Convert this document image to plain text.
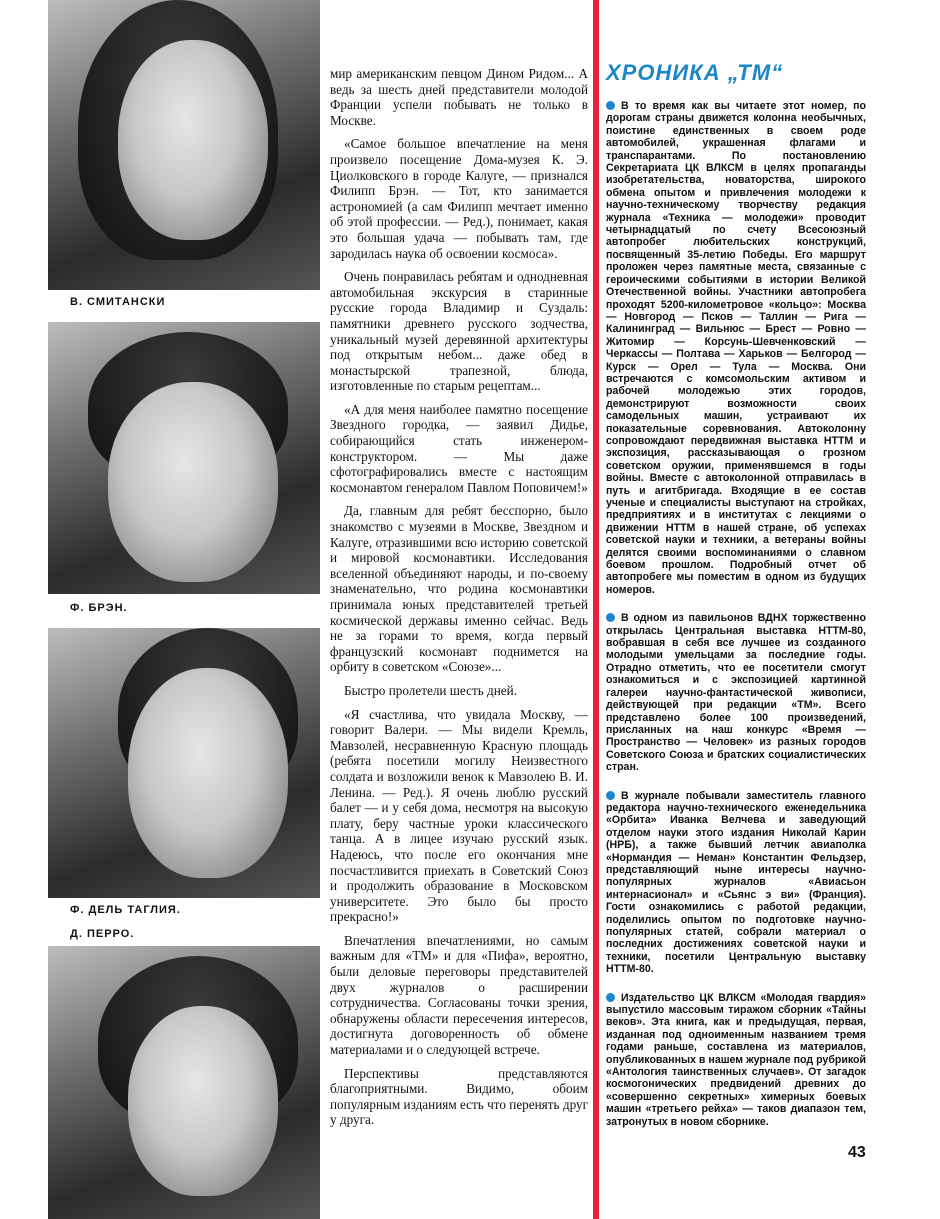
В. СМИТАНСКИ
Ф. БРЭН.
Ф. ДЕЛЬ ТАГЛИЯ.
Д. ПЕРРО.

мир американским певцом Дином Ридом... А ведь за шесть дней представители молодой Франции успели побывать не только в Москве.

«Самое большое впечатление на меня произвело посещение Дома-музея К. Э. Циолковского в городе Калуге, — признался Филипп Брэн. — Тот, кто занимается астрономией (а сам Филипп мечтает именно об этой профессии. — Ред.), понимает, какая это большая удача — побывать там, где зародилась наука об освоении космоса».

Очень понравилась ребятам и однодневная автомобильная экскурсия в старинные русские города Владимир и Суздаль: памятники древнего русского зодчества, уникальный музей деревянной архитектуры под открытым небом... даже обед в монастырской трапезной, блюда, изготовленные по старым рецептам...

«А для меня наиболее памятно посещение Звездного городка, — заявил Дидье, собирающийся стать инженером-конструктором. — Мы даже сфотографировались вместе с настоящим космонавтом генералом Павлом Поповичем!»

Да, главным для ребят бесспорно, было знакомство с музеями в Москве, Звездном и Калуге, отразившими всю историю советской и мировой космонавтики. Исследования вселенной объединяют народы, и по-своему знаменательно, что родина космонавтики принимала юных представителей третьей космической державы именно сейчас. Ведь не за горами то время, когда первый французский космонавт поднимется на орбиту в советском «Союзе»...

Быстро пролетели шесть дней.

«Я счастлива, что увидала Москву, — говорит Валери. — Мы видели Кремль, Мавзолей, несравненную Красную площадь (ребята посетили могилу Неизвестного солдата и возложили венок к Мавзолею В. И. Ленина. — Ред.). Я очень люблю русский балет — и у себя дома, несмотря на высокую плату, беру частные уроки классического танца. А в лицее изучаю русский язык. Надеюсь, что после его окончания мне посчастливится приехать в Советский Союз и продолжить образование в Московском университете. Это было бы просто прекрасно!»

Впечатления впечатлениями, но самым важным для «ТМ» и для «Пифа», вероятно, были деловые переговоры представителей двух журналов о расширении сотрудничества. Согласованы точки зрения, обнаружены области пересечения интересов, достигнута договоренность об обмене материалами и о следующей встрече.

Перспективы представляются благоприятными. Видимо, обоим популярным изданиям есть что перенять друг у друга.

ХРОНИКА „ТМ“

В то время как вы читаете этот номер, по дорогам страны движется колонна необычных, поистине единственных в своем роде автомобилей, украшенная флагами и транспарантами. По постановлению Секретариата ЦК ВЛКСМ в целях пропаганды изобретательства, новаторства, широкого обмена опытом и привлечения молодежи к научно-техническому творчеству редакция журнала «Техника — молодежи» проводит четырнадцатый по счету Всесоюзный автопробег любительских конструкций, посвященный 35-летию Победы. Его маршрут проложен через памятные места, связанные с героическими событиями в истории Великой Отечественной войны. Участники автопробега проходят 5200-километровое «кольцо»: Москва — Новгород — Псков — Таллин — Рига — Калининград — Вильнюс — Брест — Ровно — Житомир — Корсунь-Шевченковский — Черкассы — Полтава — Харьков — Белгород — Курск — Орел — Тула — Москва. Они встречаются с комсомольским активом и рабочей молодежью этих городов, демонстрируют возможности своих самодельных машин, устраивают их показательные соревнования. Автоколонну сопровождают передвижная выставка НТТМ и экспозиция, рассказывающая о грозном советском оружии, применявшемся в годы войны. Вместе с автоколонной отправилась в путь и агитбригада. Входящие в ее состав ученые и специалисты выступают на стройках, предприятиях и в институтах с лекциями о движении НТТМ в нашей стране, об успехах советской науки и техники, а ветераны войны делятся своими воспоминаниями о славном боевом прошлом. Подробный отчет об автопробеге мы поместим в одном из будущих номеров.

В одном из павильонов ВДНХ торжественно открылась Центральная выставка НТТМ-80, вобравшая в себя все лучшее из созданного молодыми умельцами за последние годы. Отрадно отметить, что ее посетители смогут ознакомиться и с экспозицией картинной галереи научно-фантастической живописи, действующей при редакции «ТМ». Всего представлено более 100 произведений, присланных на наш конкурс «Время — Пространство — Человек» из разных городов Советского Союза и братских социалистических стран.

В журнале побывали заместитель главного редактора научно-технического еженедельника «Орбита» Иванка Велчева и заведующий отделом науки этого издания Николай Карин (НРБ), а также бывший летчик авиаполка «Нормандия — Неман» Константин Фельдзер, представляющий ныне интересы научно-популярных журналов «Авиасьон интернасионал» и «Сьянс э ви» (Франция). Гости ознакомились с работой редакции, поделились опытом по подготовке научно-популярных статей, собрали материал о последних достижениях советской науки и техники, посетили Центральную выставку НТТМ-80.

Издательство ЦК ВЛКСМ «Молодая гвардия» выпустило массовым тиражом сборник «Тайны веков». Эта книга, как и предыдущая, первая, изданная под одноименным названием тремя годами раньше, составлена из материалов, опубликованных в нашем журнале под рубрикой «Антология таинственных случаев». От загадок космогонических предвидений древних до «совершенно секретных» химерных боевых машин «третьего рейха» — таков диапазон тем, затронутых в новом сборнике.

43
